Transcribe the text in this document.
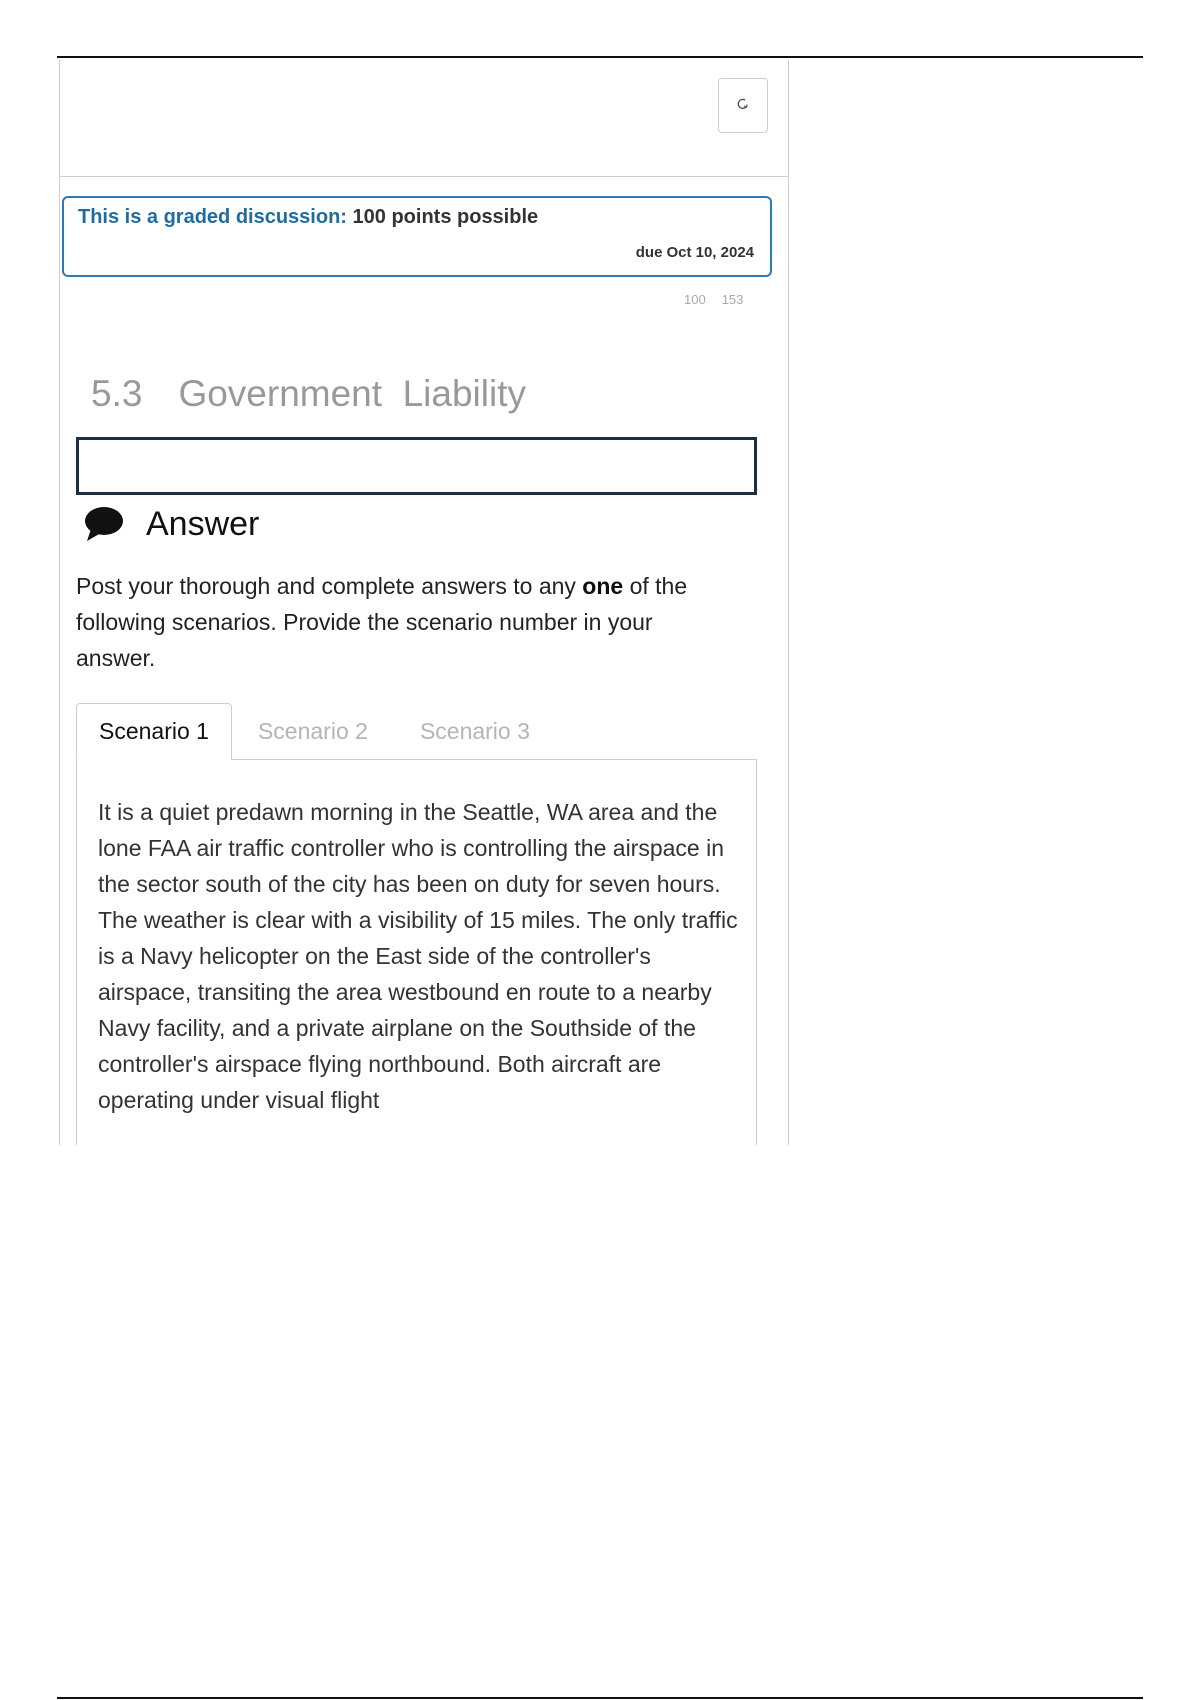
This is a graded discussion: 100 points possible
due Oct 10, 2024
100 153
5.3 Government  Liability
Answer

Post your thorough and complete answers to any one of the following scenarios. Provide the scenario number in your answer.

Scenario 1	Scenario 2	Scenario 3

It is a quiet predawn morning in the Seattle, WA area and the lone FAA air traffic controller who is controlling the airspace in the sector south of the city has been on duty for seven hours. The weather is clear with a visibility of 15 miles. The only traffic is a Navy helicopter on the East side of the controller's airspace, transiting the area westbound en route to a nearby Navy facility, and a private airplane on the Southside of the controller's airspace flying northbound. Both aircraft are operating under visual flight
